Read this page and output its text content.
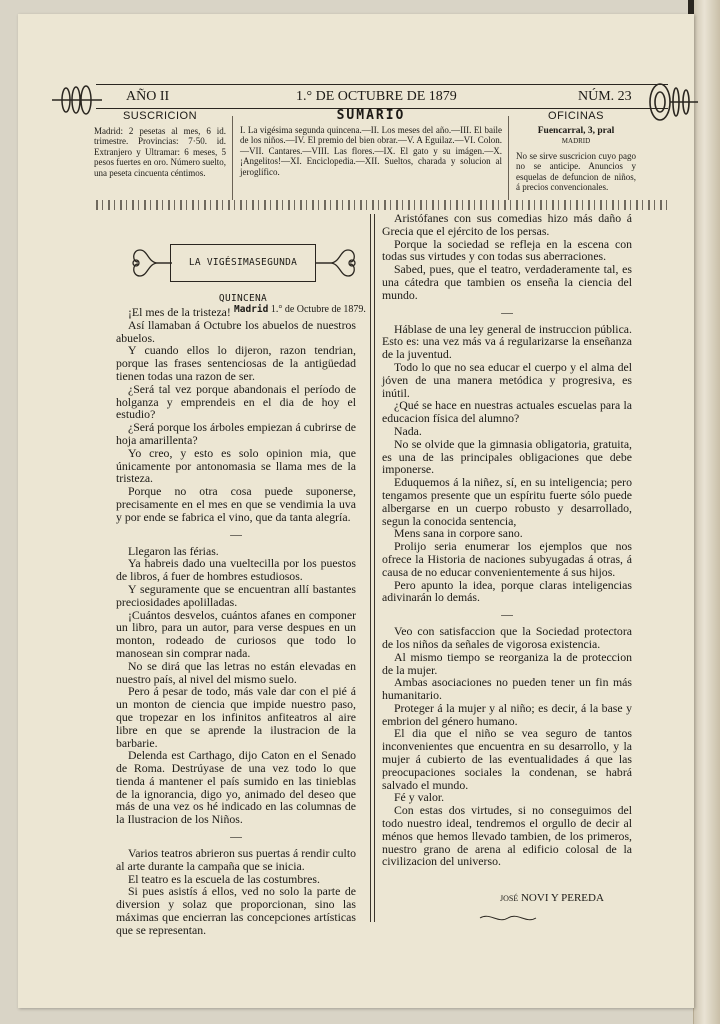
AÑO II	1.° DE OCTUBRE DE 1879	NÚM. 23
SUSCRICION
Madrid: 2 pesetas al mes, 6 id. trimestre. Provincias: 7·50. id. Extranjero y Ultramar: 6 meses, 5 pesos fuertes en oro. Número suelto, una peseta cincuenta céntimos.
SUMARIO
I. La vigésima segunda quincena.—II. Los meses del año.—III. El baile de los niños.—IV. El premio del bien obrar.—V. A Eguilaz.—VI. Colon.—VII. Cantares.—VIII. Las flores.—IX. El gato y su imágen.—X. ¡Angelitos!—XI. Enciclopedia.—XII. Sueltos, charada y solucion al jeroglífico.
OFICINAS
Fuencarral, 3, pral
MADRID
No se sirve suscricion cuyo pago no se anticipe. Anuncios y esquelas de defuncion de niños, á precios convencionales.
LA VIGÉSIMASEGUNDA QUINCENA
Madrid 1.° de Octubre de 1879.

¡El mes de la tristeza!

Así llamaban á Octubre los abuelos de nuestros abuelos.

Y cuando ellos lo dijeron, razon tendrian, porque las frases sentenciosas de la antigüedad tienen todas una razon de ser.

¿Será tal vez porque abandonais el período de holganza y emprendeis en el dia de hoy el estudio?

¿Será porque los árboles empiezan á cubrirse de hoja amarillenta?

Yo creo, y esto es solo opinion mia, que únicamente por antonomasia se llama mes de la tristeza.

Porque no otra cosa puede suponerse, precisamente en el mes en que se vendimia la uva y por ende se fabrica el vino, que da tanta alegría.

—

Llegaron las férias.

Ya habreis dado una vueltecilla por los puestos de libros, á fuer de hombres estudiosos.

Y seguramente que se encuentran allí bastantes preciosidades apolilladas.

¡Cuántos desvelos, cuántos afanes en componer un libro, para un autor, para verse despues en un monton, rodeado de curiosos que todo lo manosean sin comprar nada.

No se dirá que las letras no están elevadas en nuestro país, al nivel del mismo suelo.

Pero á pesar de todo, más vale dar con el pié á un monton de ciencia que impide nuestro paso, que tropezar en los infinitos anfiteatros al aire libre en que se aprende la ilustracion de la barbarie.

Delenda est Carthago, dijo Caton en el Senado de Roma. Destrúyase de una vez todo lo que tienda á mantener el país sumido en las tinieblas de la ignorancia, digo yo, animado del deseo que más de una vez os hé indicado en las columnas de la Ilustracion de los Niños.

—

Varios teatros abrieron sus puertas á rendir culto al arte durante la campaña que se inicia.

El teatro es la escuela de las costumbres.

Si pues asistís á ellos, ved no solo la parte de diversion y solaz que proporcionan, sino las máximas que encierran las concepciones artísticas que se representan.

Aristófanes con sus comedias hizo más daño á Grecia que el ejército de los persas.

Porque la sociedad se refleja en la escena con todas sus virtudes y con todas sus aberraciones.

Sabed, pues, que el teatro, verdaderamente tal, es una cátedra que tambien os enseña la ciencia del mundo.

—

Háblase de una ley general de instruccion pública. Esto es: una vez más va á regularizarse la enseñanza de la juventud.

Todo lo que no sea educar el cuerpo y el alma del jóven de una manera metódica y progresiva, es inútil.

¿Qué se hace en nuestras actuales escuelas para la educacion física del alumno?

Nada.

No se olvide que la gimnasia obligatoria, gratuita, es una de las principales obligaciones que debe imponerse.

Eduquemos á la niñez, sí, en su inteligencia; pero tengamos presente que un espíritu fuerte sólo puede albergarse en un cuerpo robusto y desarrollado, segun la conocida sentencia,

Mens sana in corpore sano.

Prolijo seria enumerar los ejemplos que nos ofrece la Historia de naciones subyugadas á otras, á causa de no educar convenientemente á sus hijos.

Pero apunto la idea, porque claras inteligencias adivinarán lo demás.

—

Veo con satisfaccion que la Sociedad protectora de los niños da señales de vigorosa existencia.

Al mismo tiempo se reorganiza la de proteccion de la mujer.

Ambas asociaciones no pueden tener un fin más humanitario.

Proteger á la mujer y al niño; es decir, á la base y embrion del género humano.

El dia que el niño se vea seguro de tantos inconvenientes que encuentra en su desarrollo, y la mujer á cubierto de las eventualidades á que las preocupaciones sociales la condenan, se habrá salvado el mundo.

Fé y valor.

Con estas dos virtudes, si no conseguimos del todo nuestro ideal, tendremos el orgullo de decir al ménos que hemos llevado tambien, de los primeros, nuestro grano de arena al edificio colosal de la civilizacion del universo.

JOSÉ NOVI Y PEREDA
